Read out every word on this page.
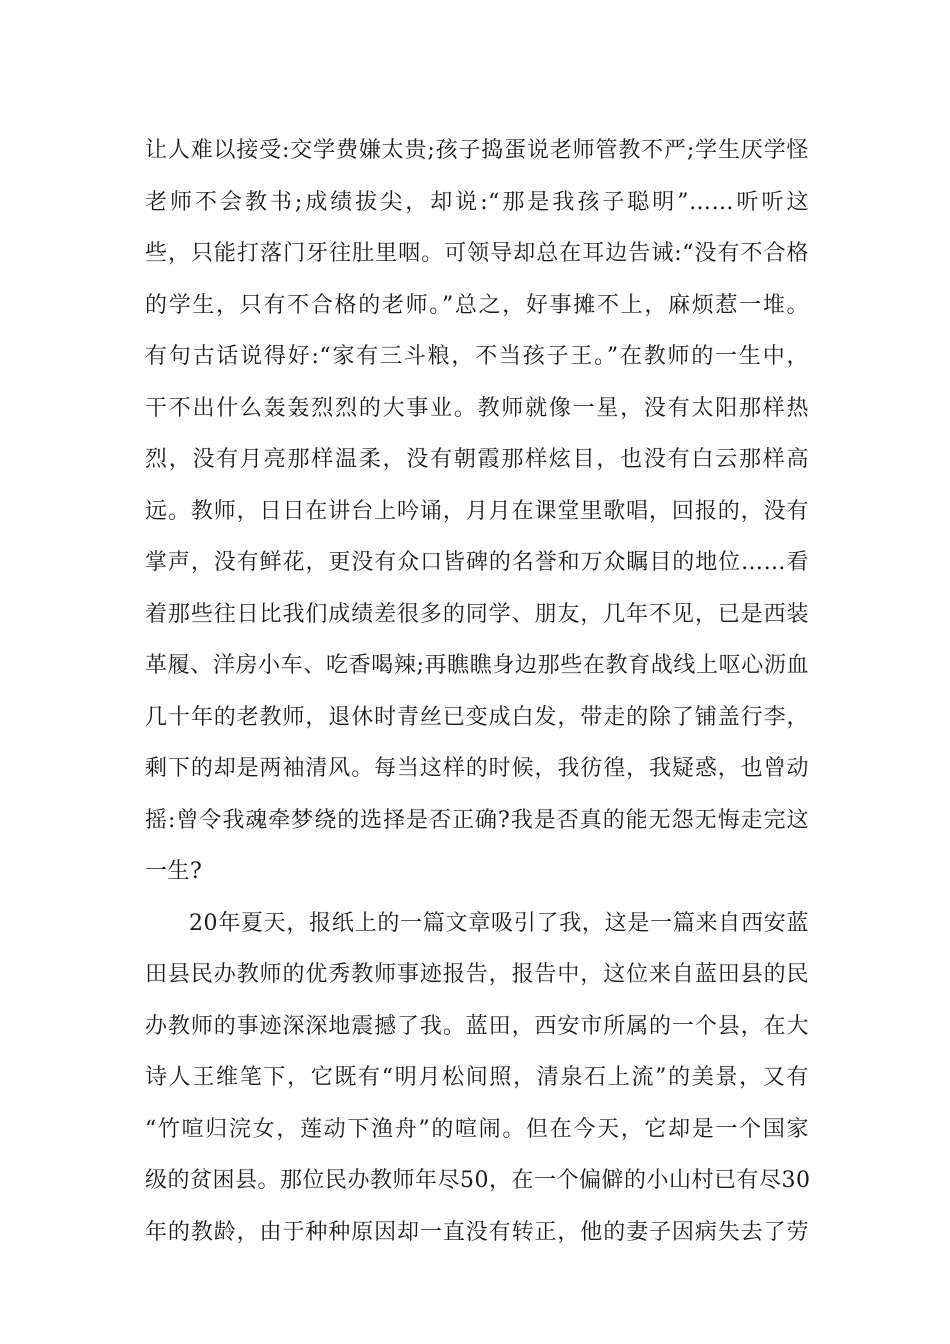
让人难以接受:交学费嫌太贵;孩子捣蛋说老师管教不严;学生厌学怪
老师不会教书;成绩拔尖，却说:“那是我孩子聪明”……听听这
些，只能打落门牙往肚里咽。可领导却总在耳边告诫:“没有不合格
的学生，只有不合格的老师。”总之，好事摊不上，麻烦惹一堆。
有句古话说得好:“家有三斗粮，不当孩子王。”在教师的一生中，
干不出什么轰轰烈烈的大事业。教师就像一星，没有太阳那样热
烈，没有月亮那样温柔，没有朝霞那样炫目，也没有白云那样高
远。教师，日日在讲台上吟诵，月月在课堂里歌唱，回报的，没有
掌声，没有鲜花，更没有众口皆碑的名誉和万众瞩目的地位……看
着那些往日比我们成绩差很多的同学、朋友，几年不见，已是西装
革履、洋房小车、吃香喝辣;再瞧瞧身边那些在教育战线上呕心沥血
几十年的老教师，退休时青丝已变成白发，带走的除了铺盖行李，
剩下的却是两袖清风。每当这样的时候，我彷徨，我疑惑，也曾动
摇:曾令我魂牵梦绕的选择是否正确?我是否真的能无怨无悔走完这
一生?
20年夏天，报纸上的一篇文章吸引了我，这是一篇来自西安蓝
田县民办教师的优秀教师事迹报告，报告中，这位来自蓝田县的民
办教师的事迹深深地震撼了我。蓝田，西安市所属的一个县，在大
诗人王维笔下，它既有“明月松间照，清泉石上流”的美景，又有
“竹喧归浣女，莲动下渔舟”的喧闹。但在今天，它却是一个国家
级的贫困县。那位民办教师年尽50，在一个偏僻的小山村已有尽30
年的教龄，由于种种原因却一直没有转正，他的妻子因病失去了劳
